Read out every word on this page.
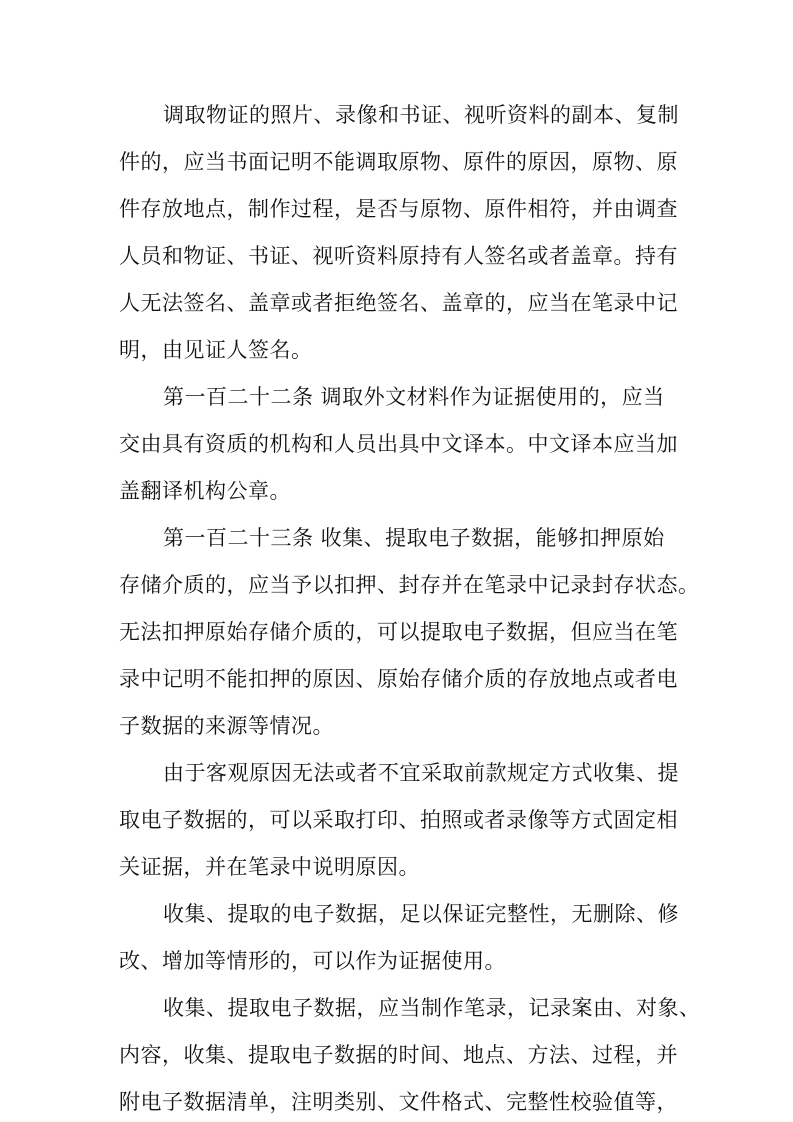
调取物证的照片、录像和书证、视听资料的副本、复制
件的，应当书面记明不能调取原物、原件的原因，原物、原
件存放地点，制作过程，是否与原物、原件相符，并由调查
人员和物证、书证、视听资料原持有人签名或者盖章。持有
人无法签名、盖章或者拒绝签名、盖章的，应当在笔录中记
明，由见证人签名。
第一百二十二条 调取外文材料作为证据使用的，应当
交由具有资质的机构和人员出具中文译本。中文译本应当加
盖翻译机构公章。
第一百二十三条 收集、提取电子数据，能够扣押原始
存储介质的，应当予以扣押、封存并在笔录中记录封存状态。
无法扣押原始存储介质的，可以提取电子数据，但应当在笔
录中记明不能扣押的原因、原始存储介质的存放地点或者电
子数据的来源等情况。
由于客观原因无法或者不宜采取前款规定方式收集、提
取电子数据的，可以采取打印、拍照或者录像等方式固定相
关证据，并在笔录中说明原因。
收集、提取的电子数据，足以保证完整性，无删除、修
改、增加等情形的，可以作为证据使用。
收集、提取电子数据，应当制作笔录，记录案由、对象、
内容，收集、提取电子数据的时间、地点、方法、过程，并
附电子数据清单，注明类别、文件格式、完整性校验值等，
